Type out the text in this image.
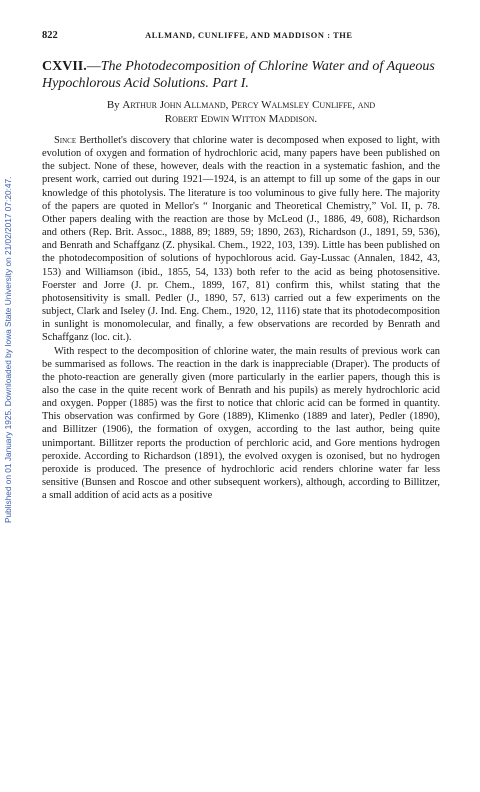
Published on 01 January 1925. Downloaded by Iowa State University on 21/02/2017 07:20:47.
822	ALLMAND, CUNLIFFE, AND MADDISON : THE
CXVII.—The Photodecomposition of Chlorine Water and of Aqueous Hypochlorous Acid Solutions. Part I.
By Arthur John Allmand, Percy Walmsley Cunliffe, and
Robert Edwin Witton Maddison.

Since Berthollet's discovery that chlorine water is decomposed when exposed to light, with evolution of oxygen and formation of hydrochloric acid, many papers have been published on the subject. None of these, however, deals with the reaction in a systematic fashion, and the present work, carried out during 1921—1924, is an attempt to fill up some of the gaps in our knowledge of this photolysis. The literature is too voluminous to give fully here. The majority of the papers are quoted in Mellor's “ Inorganic and Theoretical Chemistry,” Vol. II, p. 78. Other papers dealing with the reaction are those by McLeod (J., 1886, 49, 608), Richardson and others (Rep. Brit. Assoc., 1888, 89; 1889, 59; 1890, 263), Richardson (J., 1891, 59, 536), and Benrath and Schaffganz (Z. physikal. Chem., 1922, 103, 139). Little has been published on the photodecomposition of solutions of hypochlorous acid. Gay-Lussac (Annalen, 1842, 43, 153) and Williamson (ibid., 1855, 54, 133) both refer to the acid as being photosensitive. Foerster and Jorre (J. pr. Chem., 1899, 167, 81) confirm this, whilst stating that the photosensitivity is small. Pedler (J., 1890, 57, 613) carried out a few experiments on the subject, Clark and Iseley (J. Ind. Eng. Chem., 1920, 12, 1116) state that its photodecomposition in sunlight is monomolecular, and finally, a few observations are recorded by Benrath and Schaffganz (loc. cit.).

With respect to the decomposition of chlorine water, the main results of previous work can be summarised as follows. The reaction in the dark is inappreciable (Draper). The products of the photo-reaction are generally given (more particularly in the earlier papers, though this is also the case in the quite recent work of Benrath and his pupils) as merely hydrochloric acid and oxygen. Popper (1885) was the first to notice that chloric acid can be formed in quantity. This observation was confirmed by Gore (1889), Klimenko (1889 and later), Pedler (1890), and Billitzer (1906), the formation of oxygen, according to the last author, being quite unimportant. Billitzer reports the production of perchloric acid, and Gore mentions hydrogen peroxide. According to Richardson (1891), the evolved oxygen is ozonised, but no hydrogen peroxide is produced. The presence of hydrochloric acid renders chlorine water far less sensitive (Bunsen and Roscoe and other subsequent workers), although, according to Billitzer, a small addition of acid acts as a positive
